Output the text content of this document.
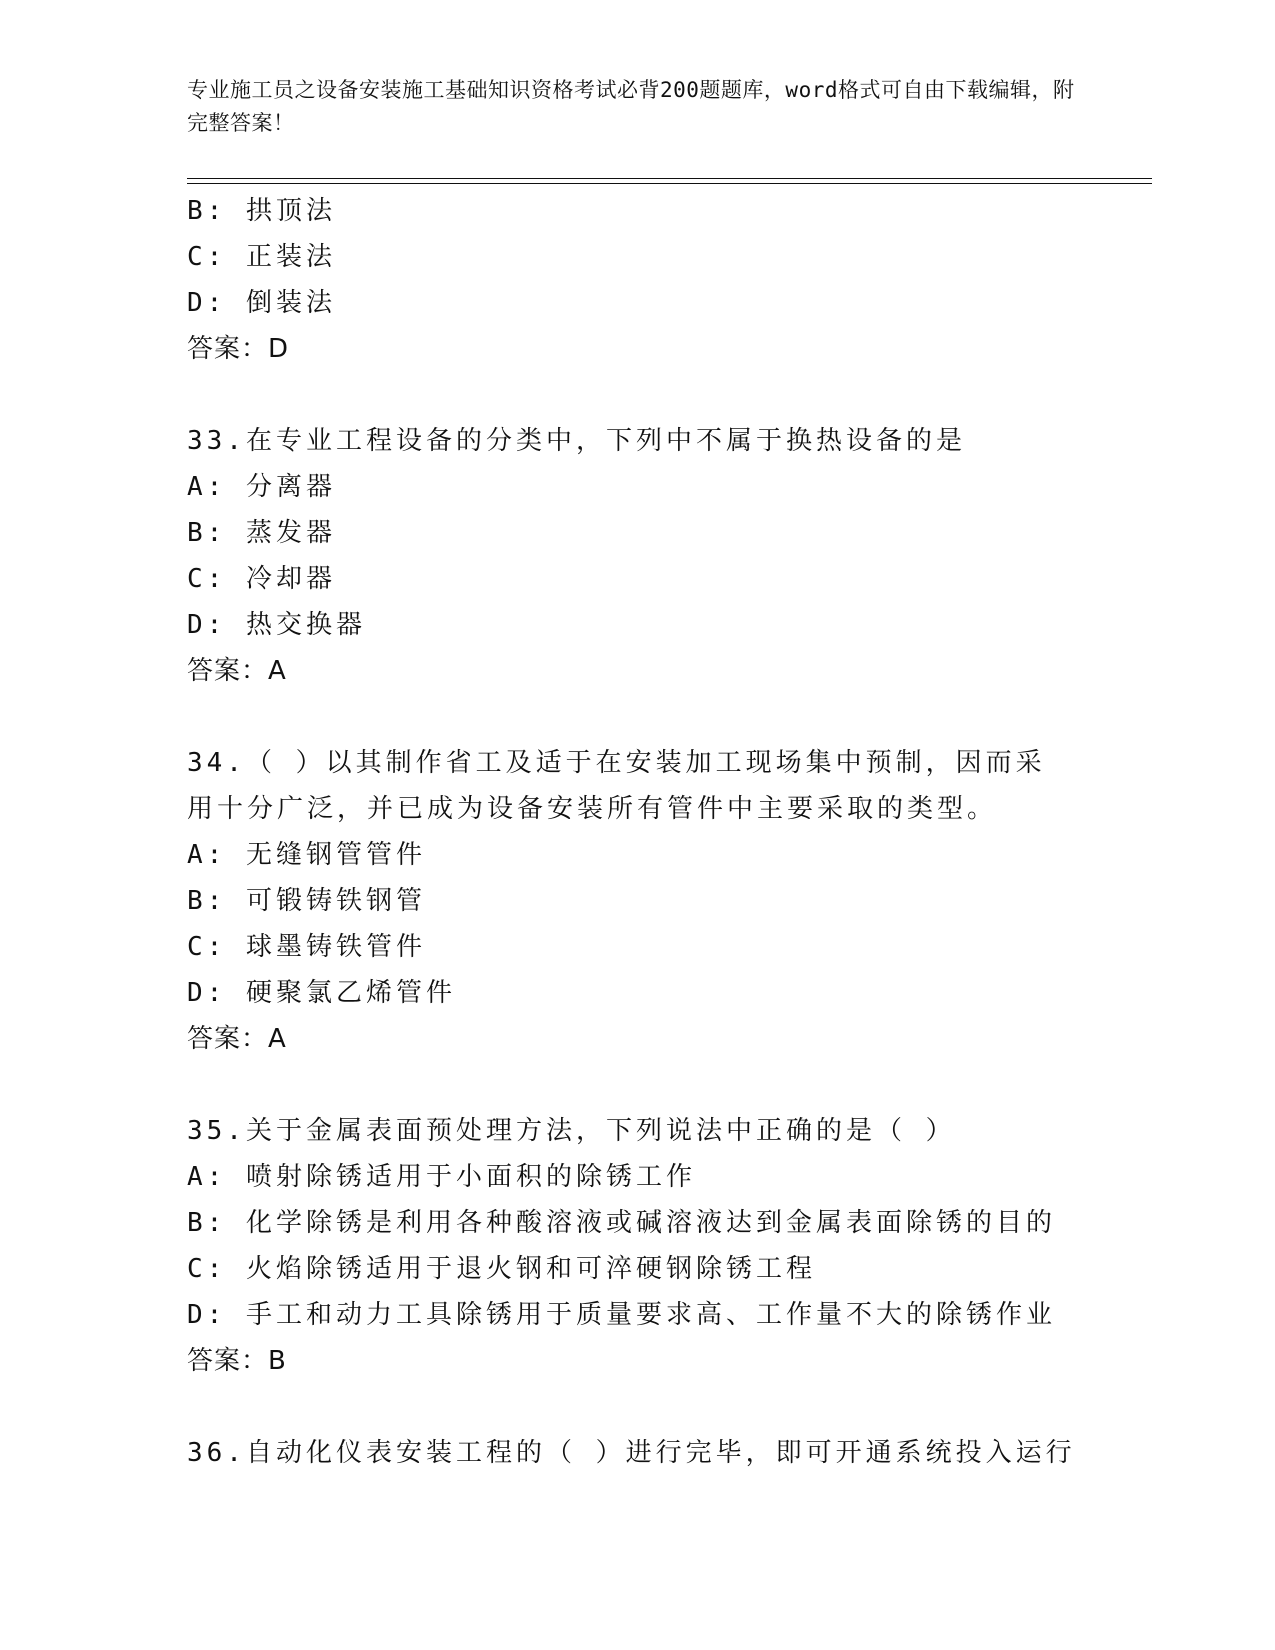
专业施工员之设备安装施工基础知识资格考试必背200题题库，word格式可自由下载编辑，附完整答案！
B: 拱顶法
C: 正装法
D: 倒装法
答案：D
33.在专业工程设备的分类中，下列中不属于换热设备的是
A: 分离器
B: 蒸发器
C: 冷却器
D: 热交换器
答案：A
34.（ ）以其制作省工及适于在安装加工现场集中预制，因而采用十分广泛，并已成为设备安装所有管件中主要采取的类型。
A: 无缝钢管管件
B: 可锻铸铁钢管
C: 球墨铸铁管件
D: 硬聚氯乙烯管件
答案：A
35.关于金属表面预处理方法，下列说法中正确的是（ ）
A: 喷射除锈适用于小面积的除锈工作
B: 化学除锈是利用各种酸溶液或碱溶液达到金属表面除锈的目的
C: 火焰除锈适用于退火钢和可淬硬钢除锈工程
D: 手工和动力工具除锈用于质量要求高、工作量不大的除锈作业
答案：B
36.自动化仪表安装工程的（ ）进行完毕，即可开通系统投入运行
